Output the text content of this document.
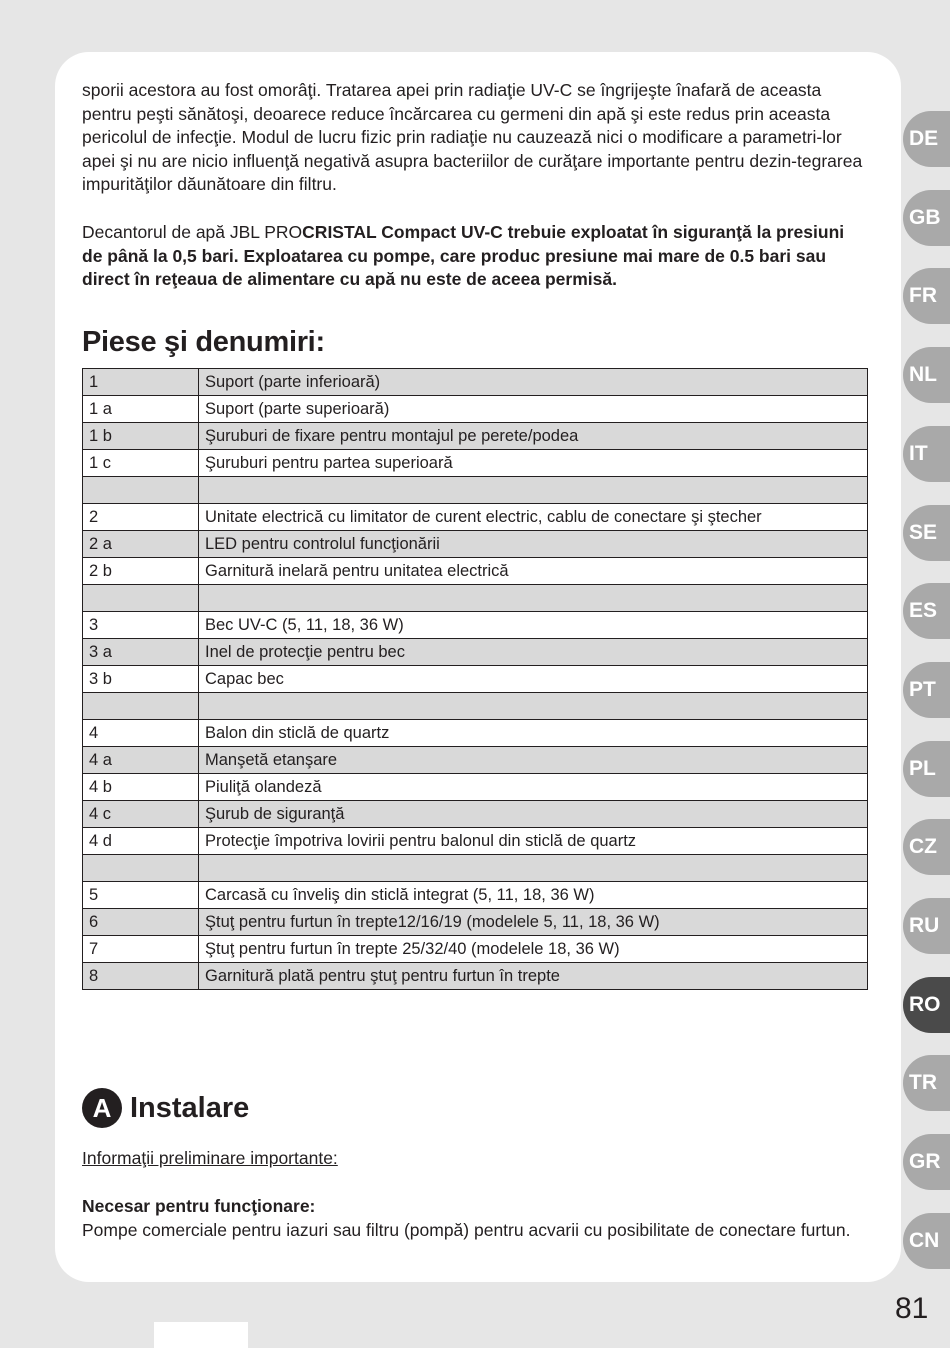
sporii acestora au fost omorâţi. Tratarea apei prin radiaţie UV-C se îngrijeşte înafară de aceasta pentru peşti sănătoşi, deoarece reduce încărcarea cu germeni din apă şi este redus prin aceasta pericolul de infecţie. Modul de lucru fizic prin radiaţie nu cauzează nici o modificare a parametri-lor apei şi nu are nicio influenţă negativă asupra bacteriilor de curăţare importante pentru dezin-tegrarea impurităţilor dăunătoare din filtru.

Decantorul de apă JBL PROCRISTAL Compact UV-C trebuie exploatat în siguranţă la presiuni de până la 0,5 bari. Exploatarea cu pompe, care produc presiune mai mare de 0.5 bari sau direct în reţeaua de alimentare cu apă nu este de aceea permisă.

Piese şi denumiri:
1	Suport (parte inferioară)
1 a	Suport (parte superioară)
1 b	Şuruburi de fixare pentru montajul pe perete/podea
1 c	Şuruburi pentru partea superioară

2	Unitate electrică cu limitator de curent electric, cablu de conectare şi ştecher
2 a	LED pentru controlul funcţionării
2 b	Garnitură inelară pentru unitatea electrică

3	Bec UV-C (5, 11, 18, 36 W)
3 a	Inel de protecţie pentru bec
3 b	Capac bec

4	Balon din sticlă de quartz
4 a	Manşetă etanşare
4 b	Piuliţă olandeză
4 c	Şurub de siguranţă
4 d	Protecţie împotriva lovirii pentru balonul din sticlă de quartz

5	Carcasă cu înveliş din sticlă integrat (5, 11, 18, 36 W)
6	Ştuţ pentru furtun în trepte12/16/19 (modelele 5, 11, 18, 36 W)
7	Ştuţ pentru furtun în trepte 25/32/40 (modelele 18, 36 W)
8	Garnitură plată pentru ştuţ pentru furtun în trepte
A Instalare
Informaţii preliminare importante:
Necesar pentru funcţionare:

Pompe comerciale pentru iazuri sau filtru (pompă) pentru acvarii cu posibilitate de conectare furtun.

DE
GB
FR
NL
IT
SE
ES
PT
PL
CZ
RU
RO
TR
GR
CN
81
